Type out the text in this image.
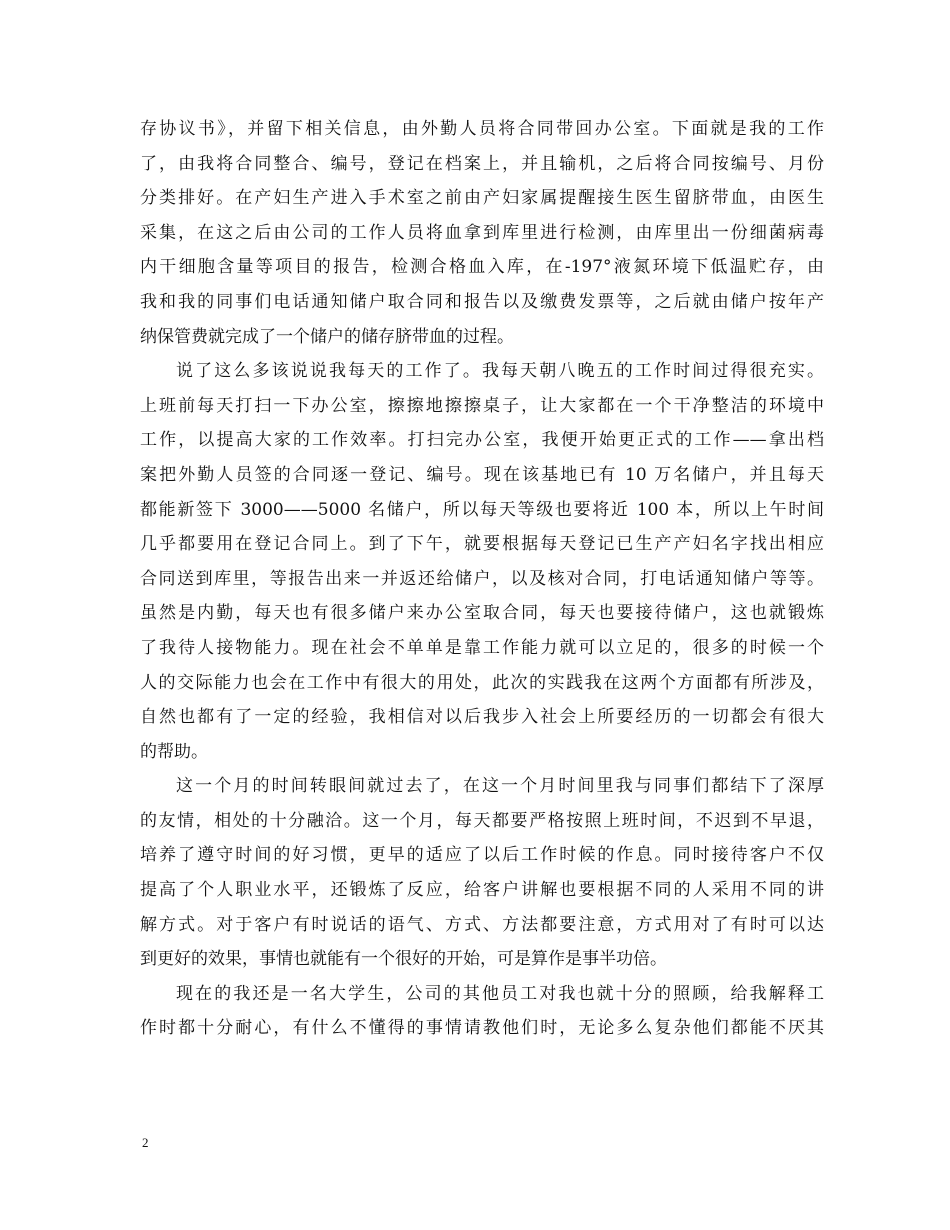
存协议书》，并留下相关信息，由外勤人员将合同带回办公室。下面就是我的工作
了，由我将合同整合、编号，登记在档案上，并且输机，之后将合同按编号、月份
分类排好。在产妇生产进入手术室之前由产妇家属提醒接生医生留脐带血，由医生
采集，在这之后由公司的工作人员将血拿到库里进行检测，由库里出一份细菌病毒
内干细胞含量等项目的报告，检测合格血入库，在-197°液氮环境下低温贮存，由
我和我的同事们电话通知储户取合同和报告以及缴费发票等，之后就由储户按年产
纳保管费就完成了一个储户的储存脐带血的过程。
说了这么多该说说我每天的工作了。我每天朝八晚五的工作时间过得很充实。
上班前每天打扫一下办公室，擦擦地擦擦桌子，让大家都在一个干净整洁的环境中
工作，以提高大家的工作效率。打扫完办公室，我便开始更正式的工作——拿出档
案把外勤人员签的合同逐一登记、编号。现在该基地已有 10 万名储户，并且每天
都能新签下 3000——5000 名储户，所以每天等级也要将近 100 本，所以上午时间
几乎都要用在登记合同上。到了下午，就要根据每天登记已生产产妇名字找出相应
合同送到库里，等报告出来一并返还给储户，以及核对合同，打电话通知储户等等。
虽然是内勤，每天也有很多储户来办公室取合同，每天也要接待储户，这也就锻炼
了我待人接物能力。现在社会不单单是靠工作能力就可以立足的，很多的时候一个
人的交际能力也会在工作中有很大的用处，此次的实践我在这两个方面都有所涉及，
自然也都有了一定的经验，我相信对以后我步入社会上所要经历的一切都会有很大
的帮助。
这一个月的时间转眼间就过去了，在这一个月时间里我与同事们都结下了深厚
的友情，相处的十分融洽。这一个月，每天都要严格按照上班时间，不迟到不早退，
培养了遵守时间的好习惯，更早的适应了以后工作时候的作息。同时接待客户不仅
提高了个人职业水平，还锻炼了反应，给客户讲解也要根据不同的人采用不同的讲
解方式。对于客户有时说话的语气、方式、方法都要注意，方式用对了有时可以达
到更好的效果，事情也就能有一个很好的开始，可是算作是事半功倍。
现在的我还是一名大学生，公司的其他员工对我也就十分的照顾，给我解释工
作时都十分耐心，有什么不懂得的事情请教他们时，无论多么复杂他们都能不厌其
2
